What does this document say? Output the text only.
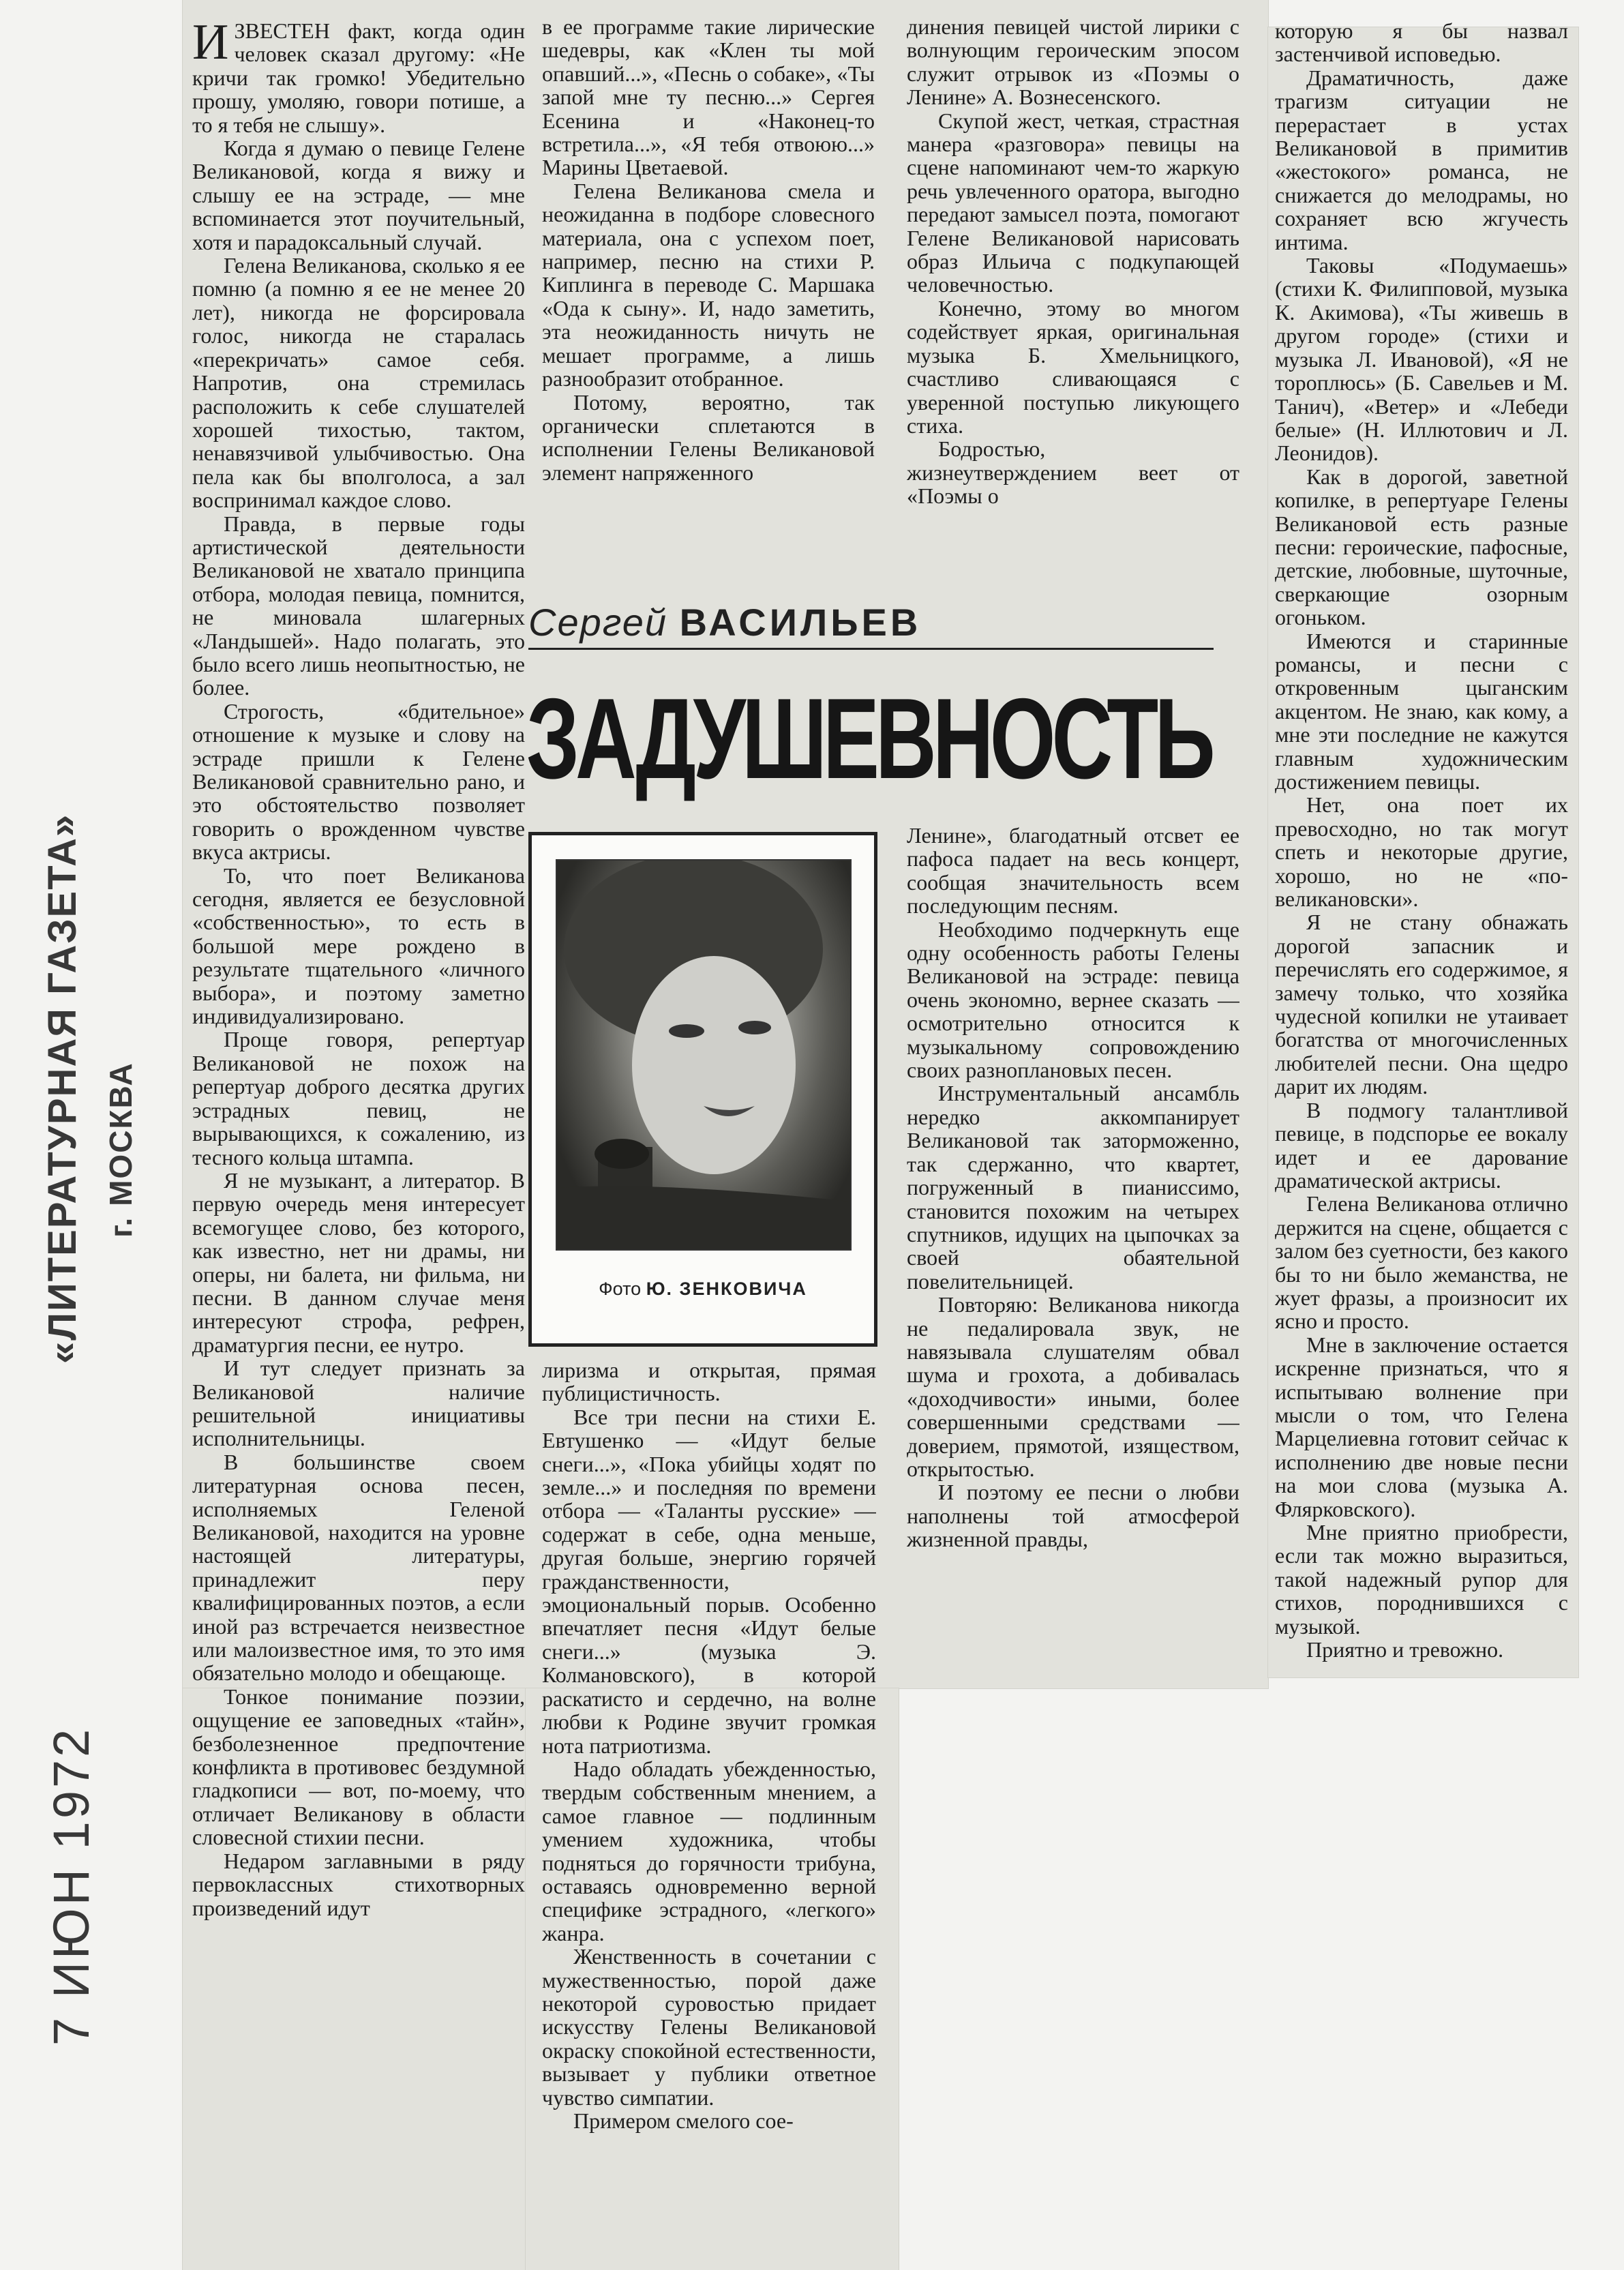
«ЛИТЕРАТУРНАЯ ГАЗЕТА» г. МОСКВА
7 ИЮН 1972

ИЗВЕСТЕН факт, когда один человек сказал другому: «Не кричи так громко! Убедительно прошу, умоляю, говори потише, а то я тебя не слышу».

Когда я думаю о певице Гелене Великановой, когда я вижу и слышу ее на эстраде, — мне вспоминается этот поучительный, хотя и парадоксальный случай.

Гелена Великанова, сколько я ее помню (а помню я ее не менее 20 лет), никогда не форсировала голос, никогда не старалась «перекричать» самое себя. Напротив, она стремилась расположить к себе слушателей хорошей тихостью, тактом, ненавязчивой улыбчивостью. Она пела как бы вполголоса, а зал воспринимал каждое слово.

Правда, в первые годы артистической деятельности Великановой не хватало принципа отбора, молодая певица, помнится, не миновала шлагерных «Ландышей». Надо полагать, это было всего лишь неопытностью, не более.

Строгость, «бдительное» отношение к музыке и слову на эстраде пришли к Гелене Великановой сравнительно рано, и это обстоятельство позволяет говорить о врожденном чувстве вкуса актрисы.

То, что поет Великанова сегодня, является ее безусловной «собственностью», то есть в большой мере рождено в результате тщательного «личного выбора», и поэтому заметно индивидуализировано.

Проще говоря, репертуар Великановой не похож на репертуар доброго десятка других эстрадных певиц, не вырывающихся, к сожалению, из тесного кольца штампа.

Я не музыкант, а литератор. В первую очередь меня интересует всемогущее слово, без которого, как известно, нет ни драмы, ни оперы, ни балета, ни фильма, ни песни. В данном случае меня интересуют строфа, рефрен, драматургия песни, ее нутро.

И тут следует признать за Великановой наличие решительной инициативы исполнительницы.

В большинстве своем литературная основа песен, исполняемых Геленой Великановой, находится на уровне настоящей литературы, принадлежит перу квалифицированных поэтов, а если иной раз встречается неизвестное или малоизвестное имя, то это имя обязательно молодо и обещающе.

Тонкое понимание поэзии, ощущение ее заповедных «тайн», безболезненное предпочтение конфликта в противовес бездумной гладкописи — вот, по-моему, что отличает Великанову в области словесной стихии песни.

Недаром заглавными в ряду первоклассных стихотворных произведений идут

в ее программе такие лирические шедевры, как «Клен ты мой опавший...», «Песнь о собаке», «Ты запой мне ту песню...» Сергея Есенина и «Наконец-то встретила...», «Я тебя отвоюю...» Марины Цветаевой.

Гелена Великанова смела и неожиданна в подборе словесного материала, она с успехом поет, например, песню на стихи Р. Киплинга в переводе С. Маршака «Ода к сыну». И, надо заметить, эта неожиданность ничуть не мешает программе, а лишь разнообразит отобранное.

Потому, вероятно, так органически сплетаются в исполнении Гелены Великановой элемент напряженного

динения певицей чистой лирики с волнующим героическим эпосом служит отрывок из «Поэмы о Ленине» А. Вознесенского.

Скупой жест, четкая, страстная манера «разговора» певицы на сцене напоминают чем-то жаркую речь увлеченного оратора, выгодно передают замысел поэта, помогают Гелене Великановой нарисовать образ Ильича с подкупающей человечностью.

Конечно, этому во многом содействует яркая, оригинальная музыка Б. Хмельницкого, счастливо сливающаяся с уверенной поступью ликующего стиха.

Бодростью, жизнеутверждением веет от «Поэмы о

Сергей ВАСИЛЬЕВ
ЗАДУШЕВНОСТЬ
Фото Ю. ЗЕНКОВИЧА

лиризма и открытая, прямая публицистичность.

Все три песни на стихи Е. Евтушенко — «Идут белые снеги...», «Пока убийцы ходят по земле...» и последняя по времени отбора — «Таланты русские» — содержат в себе, одна меньше, другая больше, энергию горячей гражданственности, эмоциональный порыв. Особенно впечатляет песня «Идут белые снеги...» (музыка Э. Колмановского), в которой раскатисто и сердечно, на волне любви к Родине звучит громкая нота патриотизма.

Надо обладать убежденностью, твердым собственным мнением, а самое главное — подлинным умением художника, чтобы подняться до горячности трибуна, оставаясь одновременно верной специфике эстрадного, «легкого» жанра.

Женственность в сочетании с мужественностью, порой даже некоторой суровостью придает искусству Гелены Великановой окраску спокойной естественности, вызывает у публики ответное чувство симпатии.

Примером смелого сое-

Ленине», благодатный отсвет ее пафоса падает на весь концерт, сообщая значительность всем последующим песням.

Необходимо подчеркнуть еще одну особенность работы Гелены Великановой на эстраде: певица очень экономно, вернее сказать — осмотрительно относится к музыкальному сопровождению своих разноплановых песен.

Инструментальный ансамбль нередко аккомпанирует Великановой так заторможенно, так сдержанно, что квартет, погруженный в пианиссимо, становится похожим на четырех спутников, идущих на цыпочках за своей обаятельной повелительницей.

Повторяю: Великанова никогда не педалировала звук, не навязывала слушателям обвал шума и грохота, а добивалась «доходчивости» иными, более совершенными средствами — доверием, прямотой, изяществом, открытостью.

И поэтому ее песни о любви наполнены той атмосферой жизненной правды,

которую я бы назвал застенчивой исповедью.

Драматичность, даже трагизм ситуации не перерастает в устах Великановой в примитив «жестокого» романса, не снижается до мелодрамы, но сохраняет всю жгучесть интима.

Таковы «Подумаешь» (стихи К. Филипповой, музыка К. Акимова), «Ты живешь в другом городе» (стихи и музыка Л. Ивановой), «Я не тороплюсь» (Б. Савельев и М. Танич), «Ветер» и «Лебеди белые» (Н. Иллютович и Л. Леонидов).

Как в дорогой, заветной копилке, в репертуаре Гелены Великановой есть разные песни: героические, пафосные, детские, любовные, шуточные, сверкающие озорным огоньком.

Имеются и старинные романсы, и песни с откровенным цыганским акцентом. Не знаю, как кому, а мне эти последние не кажутся главным художническим достижением певицы.

Нет, она поет их превосходно, но так могут спеть и некоторые другие, хорошо, но не «по-великановски».

Я не стану обнажать дорогой запасник и перечислять его содержимое, я замечу только, что хозяйка чудесной копилки не утаивает богатства от многочисленных любителей песни. Она щедро дарит их людям.

В подмогу талантливой певице, в подспорье ее вокалу идет и ее дарование драматической актрисы.

Гелена Великанова отлично держится на сцене, общается с залом без суетности, без какого бы то ни было жеманства, не жует фразы, а произносит их ясно и просто.

Мне в заключение остается искренне признаться, что я испытываю волнение при мысли о том, что Гелена Марцелиевна готовит сейчас к исполнению две новые песни на мои слова (музыка А. Флярковского).

Мне приятно приобрести, если так можно выразиться, такой надежный рупор для стихов, породнившихся с музыкой.

Приятно и тревожно.
